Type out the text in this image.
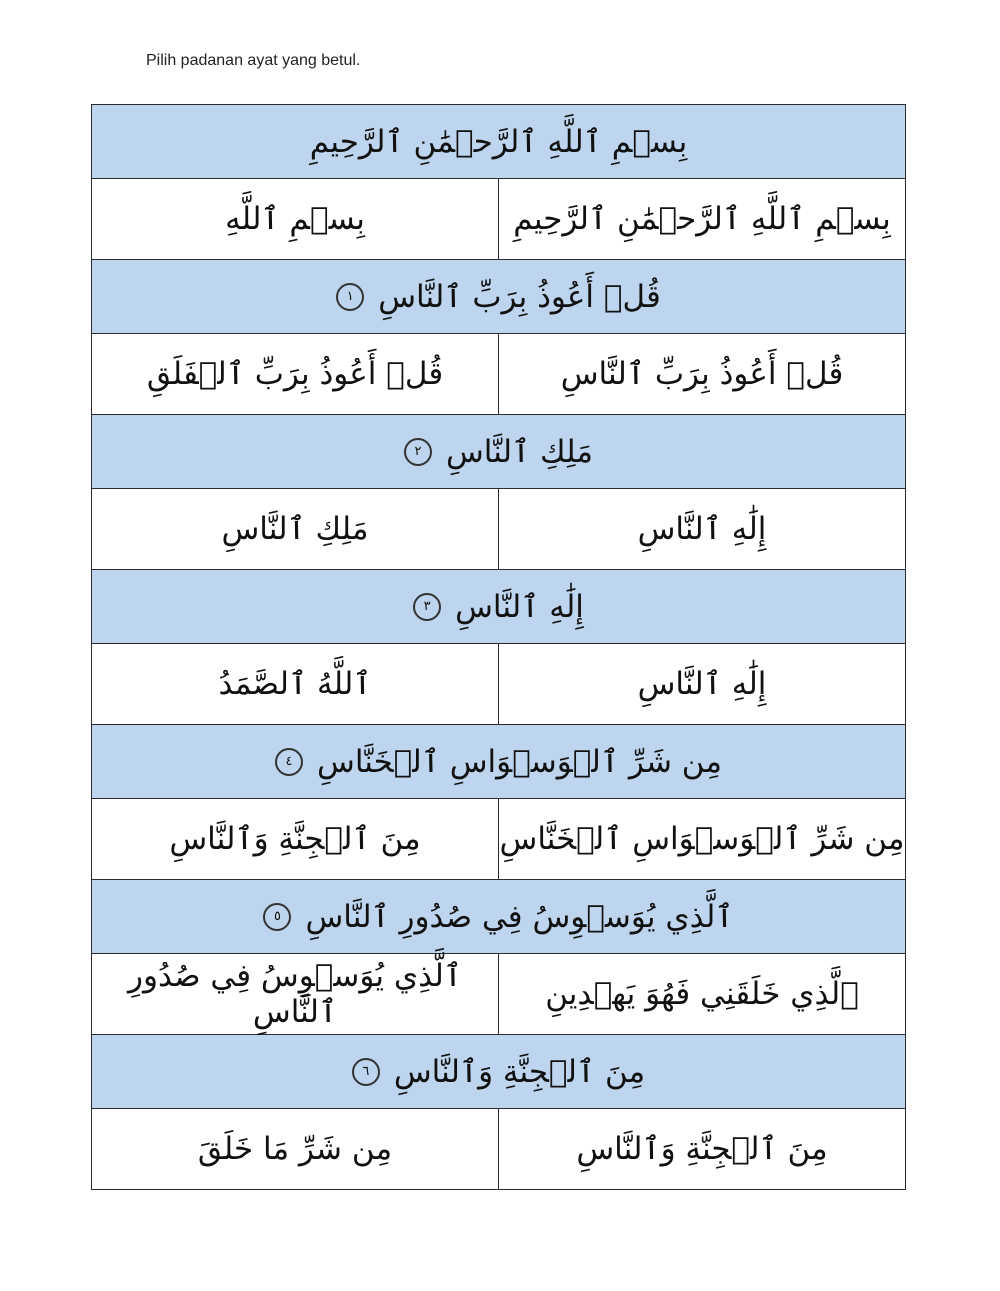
Pilih padanan ayat yang betul.
بِسۡمِ ٱللَّهِ ٱلرَّحۡمَٰنِ ٱلرَّحِيمِ	
بِسۡمِ ٱللَّهِ	بِسۡمِ ٱللَّهِ ٱلرَّحۡمَٰنِ ٱلرَّحِيمِ

قُلۡ أَعُوذُ بِرَبِّ ٱلنَّاسِ
١	

قُلۡ أَعُوذُ بِرَبِّ ٱلۡفَلَقِ	قُلۡ أَعُوذُ بِرَبِّ ٱلنَّاسِ

مَلِكِ ٱلنَّاسِ
٢	

مَلِكِ ٱلنَّاسِ	إِلَٰهِ ٱلنَّاسِ

إِلَٰهِ ٱلنَّاسِ
٣	

ٱللَّهُ ٱلصَّمَدُ	إِلَٰهِ ٱلنَّاسِ

مِن شَرِّ ٱلۡوَسۡوَاسِ ٱلۡخَنَّاسِ
٤	

مِنَ ٱلۡجِنَّةِ وَٱلنَّاسِ	مِن شَرِّ ٱلۡوَسۡوَاسِ ٱلۡخَنَّاسِ

ٱلَّذِي يُوَسۡوِسُ فِي صُدُورِ ٱلنَّاسِ
٥	

ٱلَّذِي يُوَسۡوِسُ فِي صُدُورِ ٱلنَّاسِ	ٱلَّذِي خَلَقَنِي فَهُوَ يَهۡدِينِ

مِنَ ٱلۡجِنَّةِ وَٱلنَّاسِ
٦	

مِن شَرِّ مَا خَلَقَ	مِنَ ٱلۡجِنَّةِ وَٱلنَّاسِ
